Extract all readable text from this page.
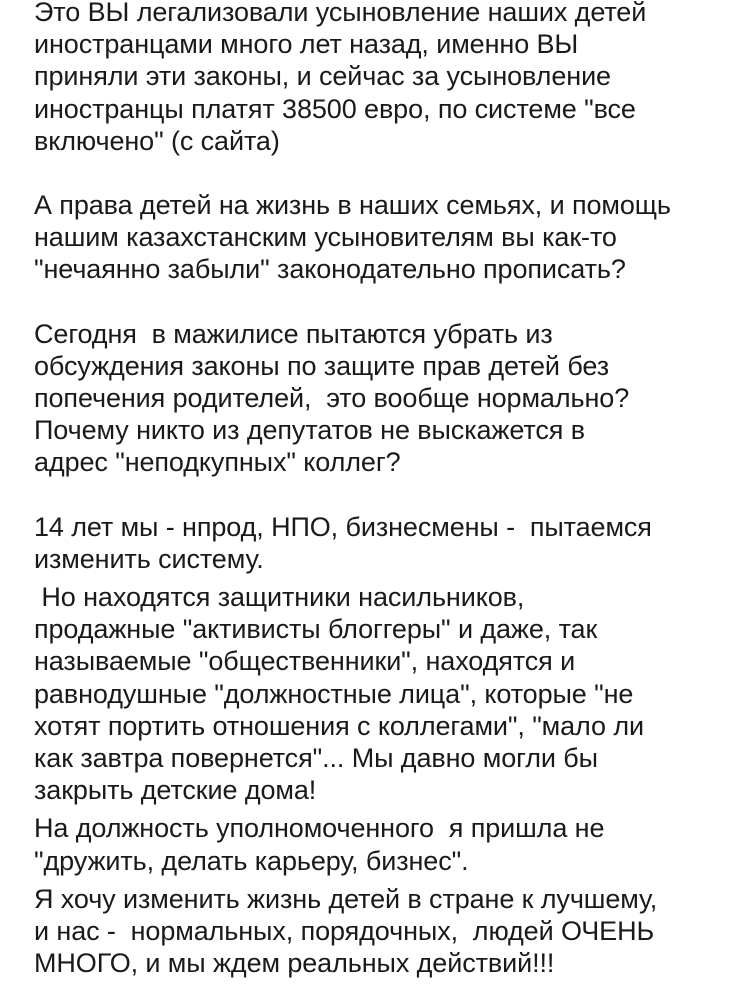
Это ВЫ легализовали усыновление наших детей
иностранцами много лет назад, именно ВЫ
приняли эти законы, и сейчас за усыновление
иностранцы платят 38500 евро, по системе "все
включено" (с сайта)

А права детей на жизнь в наших семьях, и помощь
нашим казахстанским усыновителям вы как-то
"нечаянно забыли" законодательно прописать?

Сегодня  в мажилисе пытаются убрать из
обсуждения законы по защите прав детей без
попечения родителей,  это вообще нормально?
Почему никто из депутатов не выскажется в
адрес "неподкупных" коллег?

14 лет мы - нпрод, НПО, бизнесмены -  пытаемся
изменить систему.

Но находятся защитники насильников,
продажные "активисты блоггеры" и даже, так
называемые "общественники", находятся и
равнодушные "должностные лица", которые "не
хотят портить отношения с коллегами", "мало ли
как завтра повернется"... Мы давно могли бы
закрыть детские дома!

На должность уполномоченного  я пришла не
"дружить, делать карьеру, бизнес".

Я хочу изменить жизнь детей в стране к лучшему,
и нас -  нормальных, порядочных,  людей ОЧЕНЬ
МНОГО, и мы ждем реальных действий!!!
